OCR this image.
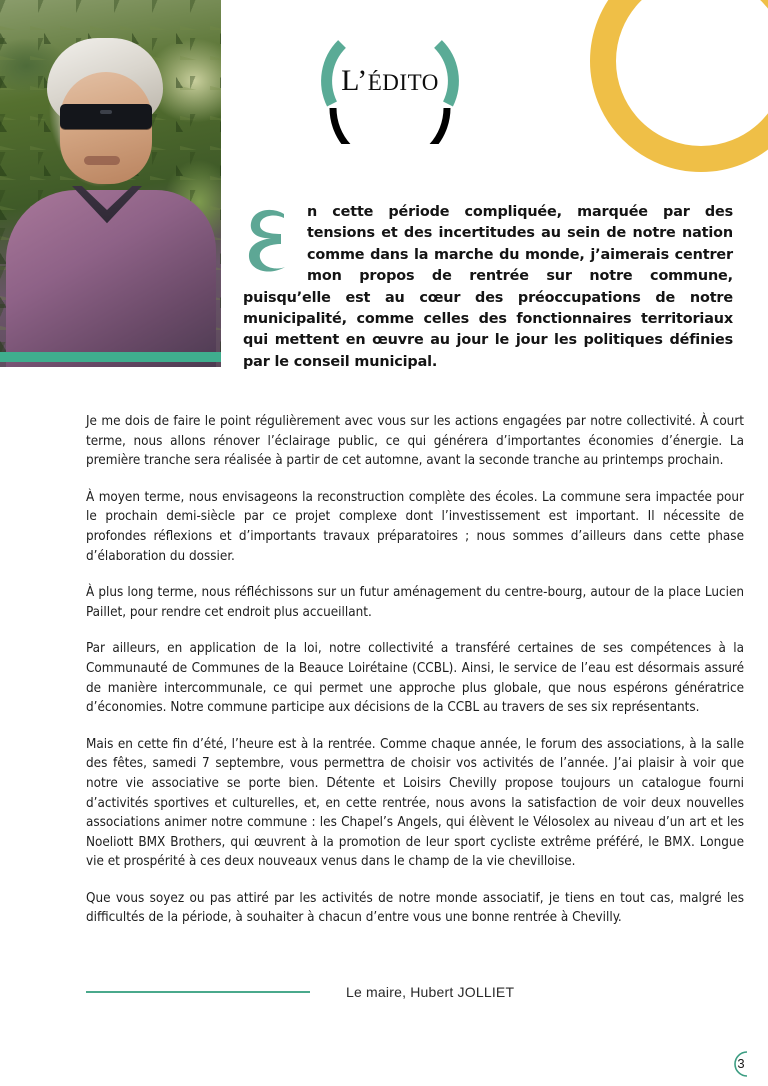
L’ÉDITO
n cette période compliquée, marquée par des tensions et des incertitudes au sein de notre nation comme dans la marche du monde, j’aimerais centrer mon propos de rentrée sur notre commune, puisqu’elle est au cœur des préoccupations de notre municipalité, comme celles des fonctionnaires territoriaux qui mettent en œuvre au jour le jour les politiques définies par le conseil municipal.

Je me dois de faire le point régulièrement avec vous sur les actions engagées par notre collectivité. À court terme, nous allons rénover l’éclairage public, ce qui générera d’importantes économies d’énergie. La première tranche sera réalisée à partir de cet automne, avant la seconde tranche au printemps prochain.

À moyen terme, nous envisageons la reconstruction complète des écoles. La commune sera impactée pour le prochain demi-siècle par ce projet complexe dont l’investissement est important. Il nécessite de profondes réflexions et d’importants travaux préparatoires ; nous sommes d’ailleurs dans cette phase d’élaboration du dossier.

À plus long terme, nous réfléchissons sur un futur aménagement du centre-bourg, autour de la place Lucien Paillet, pour rendre cet endroit plus accueillant.

Par ailleurs, en application de la loi, notre collectivité a transféré certaines de ses compétences à la Communauté de Communes de la Beauce Loirétaine (CCBL). Ainsi, le service de l’eau est désormais assuré de manière intercommunale, ce qui permet une approche plus globale, que nous espérons génératrice d’économies. Notre commune participe aux décisions de la CCBL au travers de ses six représentants.

Mais en cette fin d’été, l’heure est à la rentrée. Comme chaque année, le forum des associations, à la salle des fêtes, samedi 7 septembre, vous permettra de choisir vos activités de l’année. J’ai plaisir à voir que notre vie associative se porte bien. Détente et Loisirs Chevilly propose toujours un catalogue fourni d’activités sportives et culturelles, et, en cette rentrée, nous avons la satisfaction de voir deux nouvelles associations animer notre commune : les Chapel’s Angels, qui élèvent le Vélosolex au niveau d’un art et les Noeliott BMX Brothers, qui œuvrent à la promotion de leur sport cycliste extrême préféré, le BMX. Longue vie et prospérité à ces deux nouveaux venus dans le champ de la vie chevilloise.

Que vous soyez ou pas attiré par les activités de notre monde associatif, je tiens en tout cas, malgré les difficultés de la période, à souhaiter à chacun d’entre vous une bonne rentrée à Chevilly.

Le maire, Hubert JOLLIET
3
